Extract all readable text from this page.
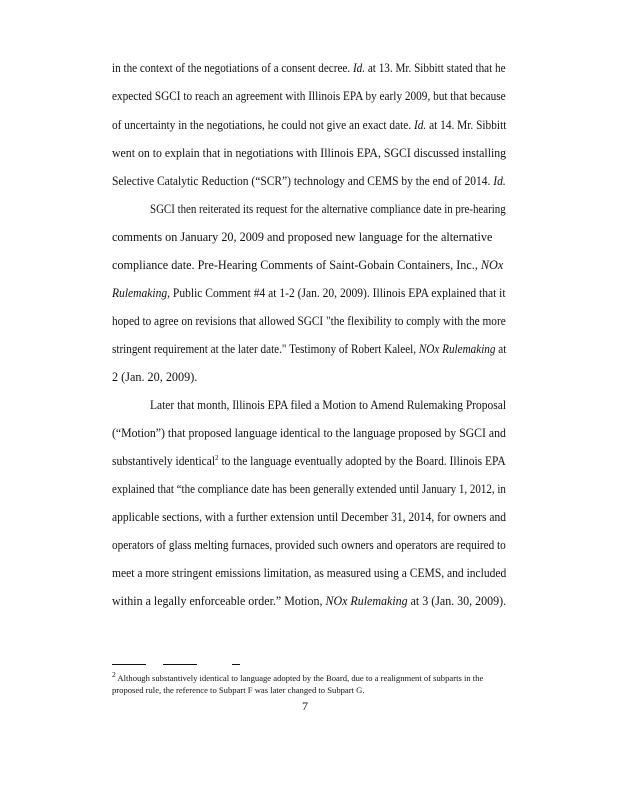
in the context of the negotiations of a consent decree. Id. at 13. Mr. Sibbitt stated that he
expected SGCI to reach an agreement with Illinois EPA by early 2009, but that because
of uncertainty in the negotiations, he could not give an exact date. Id. at 14. Mr. Sibbitt
went on to explain that in negotiations with Illinois EPA, SGCI discussed installing
Selective Catalytic Reduction (“SCR”) technology and CEMS by the end of 2014. Id.
SGCI then reiterated its request for the alternative compliance date in pre-hearing
comments on January 20, 2009 and proposed new language for the alternative
compliance date. Pre-Hearing Comments of Saint-Gobain Containers, Inc., NOx
Rulemaking, Public Comment #4 at 1-2 (Jan. 20, 2009). Illinois EPA explained that it
hoped to agree on revisions that allowed SGCI "the flexibility to comply with the more
stringent requirement at the later date." Testimony of Robert Kaleel, NOx Rulemaking at
2 (Jan. 20, 2009).
Later that month, Illinois EPA filed a Motion to Amend Rulemaking Proposal
(“Motion”) that proposed language identical to the language proposed by SGCI and
substantively identical$^2$ to the language eventually adopted by the Board. Illinois EPA
explained that “the compliance date has been generally extended until January 1, 2012, in
applicable sections, with a further extension until December 31, 2014, for owners and
operators of glass melting furnaces, provided such owners and operators are required to
meet a more stringent emissions limitation, as measured using a CEMS, and included
within a legally enforceable order.” Motion, NOx Rulemaking at 3 (Jan. 30, 2009).
$^2$ Although substantively identical to language adopted by the Board, due to a realignment of subparts in the
proposed rule, the reference to Subpart F was later changed to Subpart G.
7
